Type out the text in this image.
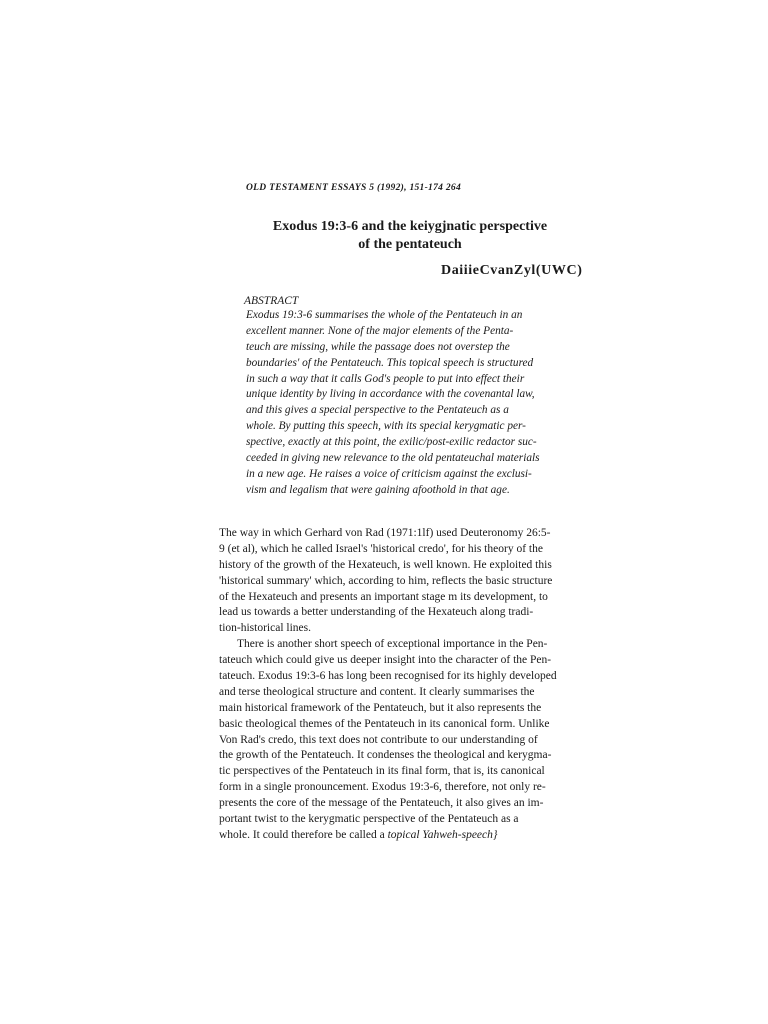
OLD TESTAMENT ESSAYS 5 (1992), 151-174 264
Exodus 19:3-6 and the keiygjnatic perspective
of the pentateuch
DaiiieCvanZyl(UWC)
ABSTRACT
Exodus 19:3-6 summarises the whole of the Pentateuch in an
excellent manner. None of the major elements of the Penta-
teuch are missing, while the passage does not overstep the
boundaries' of the Pentateuch. This topical speech is structured
in such a way that it calls God's people to put into effect their
unique identity by living in accordance with the covenantal law,
and this gives a special perspective to the Pentateuch as a
whole. By putting this speech, with its special kerygmatic per-
spective, exactly at this point, the exilic/post-exilic redactor suc-
ceeded in giving new relevance to the old pentateuchal materials
in a new age. He raises a voice of criticism against the exclusi-
vism and legalism that were gaining afoothold in that age.
The way in which Gerhard von Rad (1971:1lf) used Deuteronomy 26:5-
9 (et al), which he called Israel's 'historical credo', for his theory of the
history of the growth of the Hexateuch, is well known. He exploited this
'historical summary' which, according to him, reflects the basic structure
of the Hexateuch and presents an important stage m its development, to
lead us towards a better understanding of the Hexateuch along tradi-
tion-historical lines.
There is another short speech of exceptional importance in the Pen-
tateuch which could give us deeper insight into the character of the Pen-
tateuch. Exodus 19:3-6 has long been recognised for its highly developed
and terse theological structure and content. It clearly summarises the
main historical framework of the Pentateuch, but it also represents the
basic theological themes of the Pentateuch in its canonical form. Unlike
Von Rad's credo, this text does not contribute to our understanding of
the growth of the Pentateuch. It condenses the theological and kerygma-
tic perspectives of the Pentateuch in its final form, that is, its canonical
form in a single pronouncement. Exodus 19:3-6, therefore, not only re-
presents the core of the message of the Pentateuch, it also gives an im-
portant twist to the kerygmatic perspective of the Pentateuch as a
whole. It could therefore be called a topical Yahweh-speech}
